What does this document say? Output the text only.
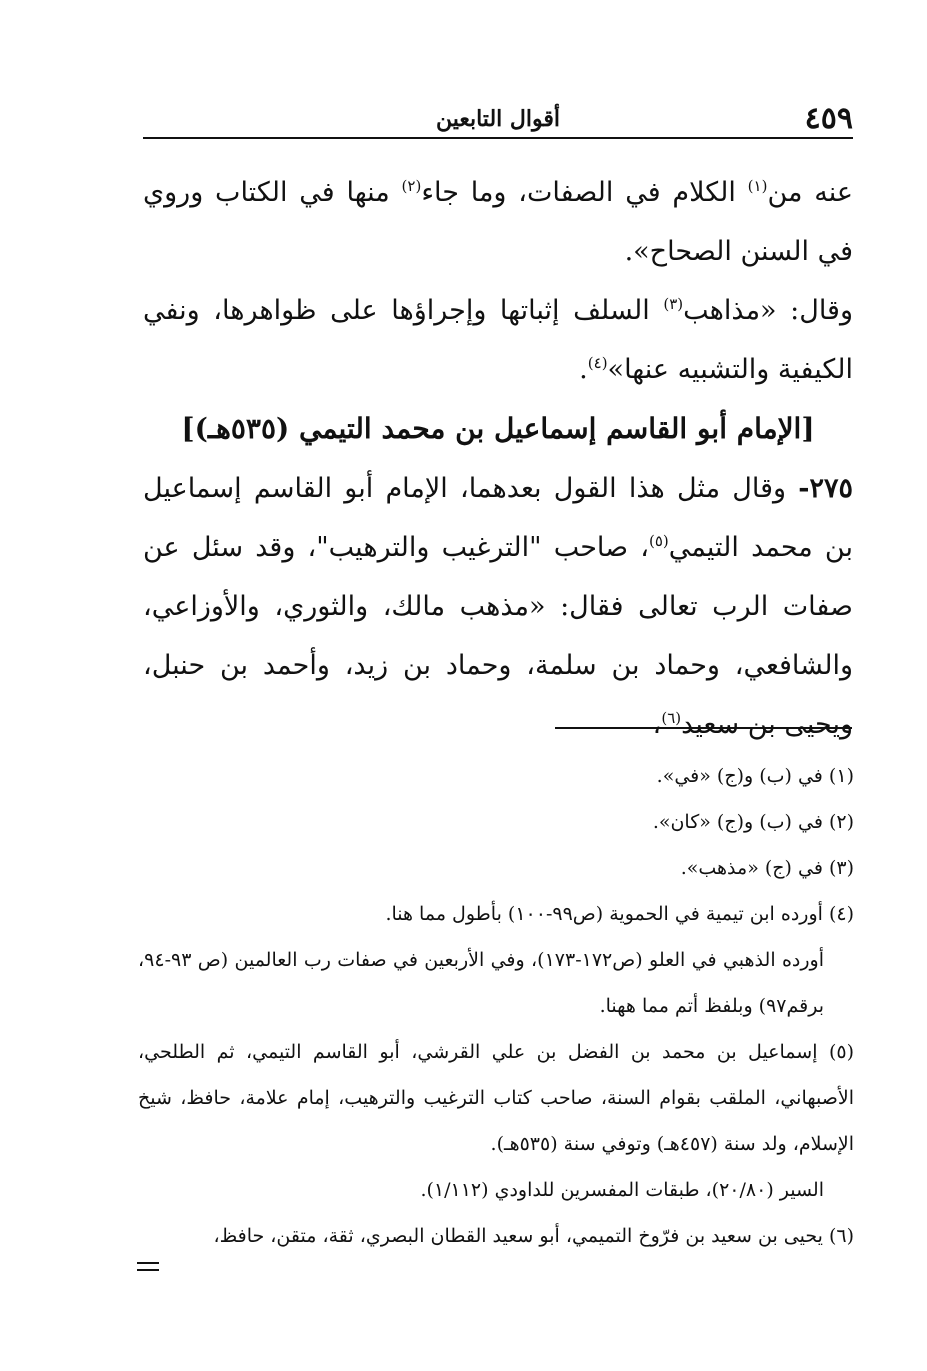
٤٥٩
أقوال التابعين

عنه من$^{(١)}$ الكلام في الصفات، وما جاء$^{(٢)}$ منها في الكتاب وروي في السنن الصحاح».

وقال: «مذاهب$^{(٣)}$ السلف إثباتها وإجراؤها على ظواهرها، ونفي الكيفية والتشبيه عنها»$^{(٤)}$.

[الإمام أبو القاسم إسماعيل بن محمد التيمي (٥٣٥هـ)]

٢٧٥- وقال مثل هذا القول بعدهما، الإمام أبو القاسم إسماعيل بن محمد التيمي$^{(٥)}$، صاحب "الترغيب والترهيب"، وقد سئل عن صفات الرب تعالى فقال: «مذهب مالك، والثوري، والأوزاعي، والشافعي، وحماد بن سلمة، وحماد بن زيد، وأحمد بن حنبل، ويحيى بن سعيد$^{(٦)}$،

(١) في (ب) و(ج) «في».

(٢) في (ب) و(ج) «كان».

(٣) في (ج) «مذهب».

(٤) أورده ابن تيمية في الحموية (ص٩٩-١٠٠) بأطول مما هنا.

أورده الذهبي في العلو (ص١٧٢-١٧٣)، وفي الأربعين في صفات رب العالمين (ص ٩٣-٩٤، برقم٩٧) وبلفظ أتم مما ههنا.

(٥) إسماعيل بن محمد بن الفضل بن علي القرشي، أبو القاسم التيمي، ثم الطلحي، الأصبهاني، الملقب بقوام السنة، صاحب كتاب الترغيب والترهيب، إمام علامة، حافظ، شيخ الإسلام، ولد سنة (٤٥٧هـ) وتوفي سنة (٥٣٥هـ).

السير (٢٠/٨٠)، طبقات المفسرين للداودي (١/١١٢).

(٦) يحيى بن سعيد بن فرّوخ التميمي، أبو سعيد القطان البصري، ثقة، متقن، حافظ،
